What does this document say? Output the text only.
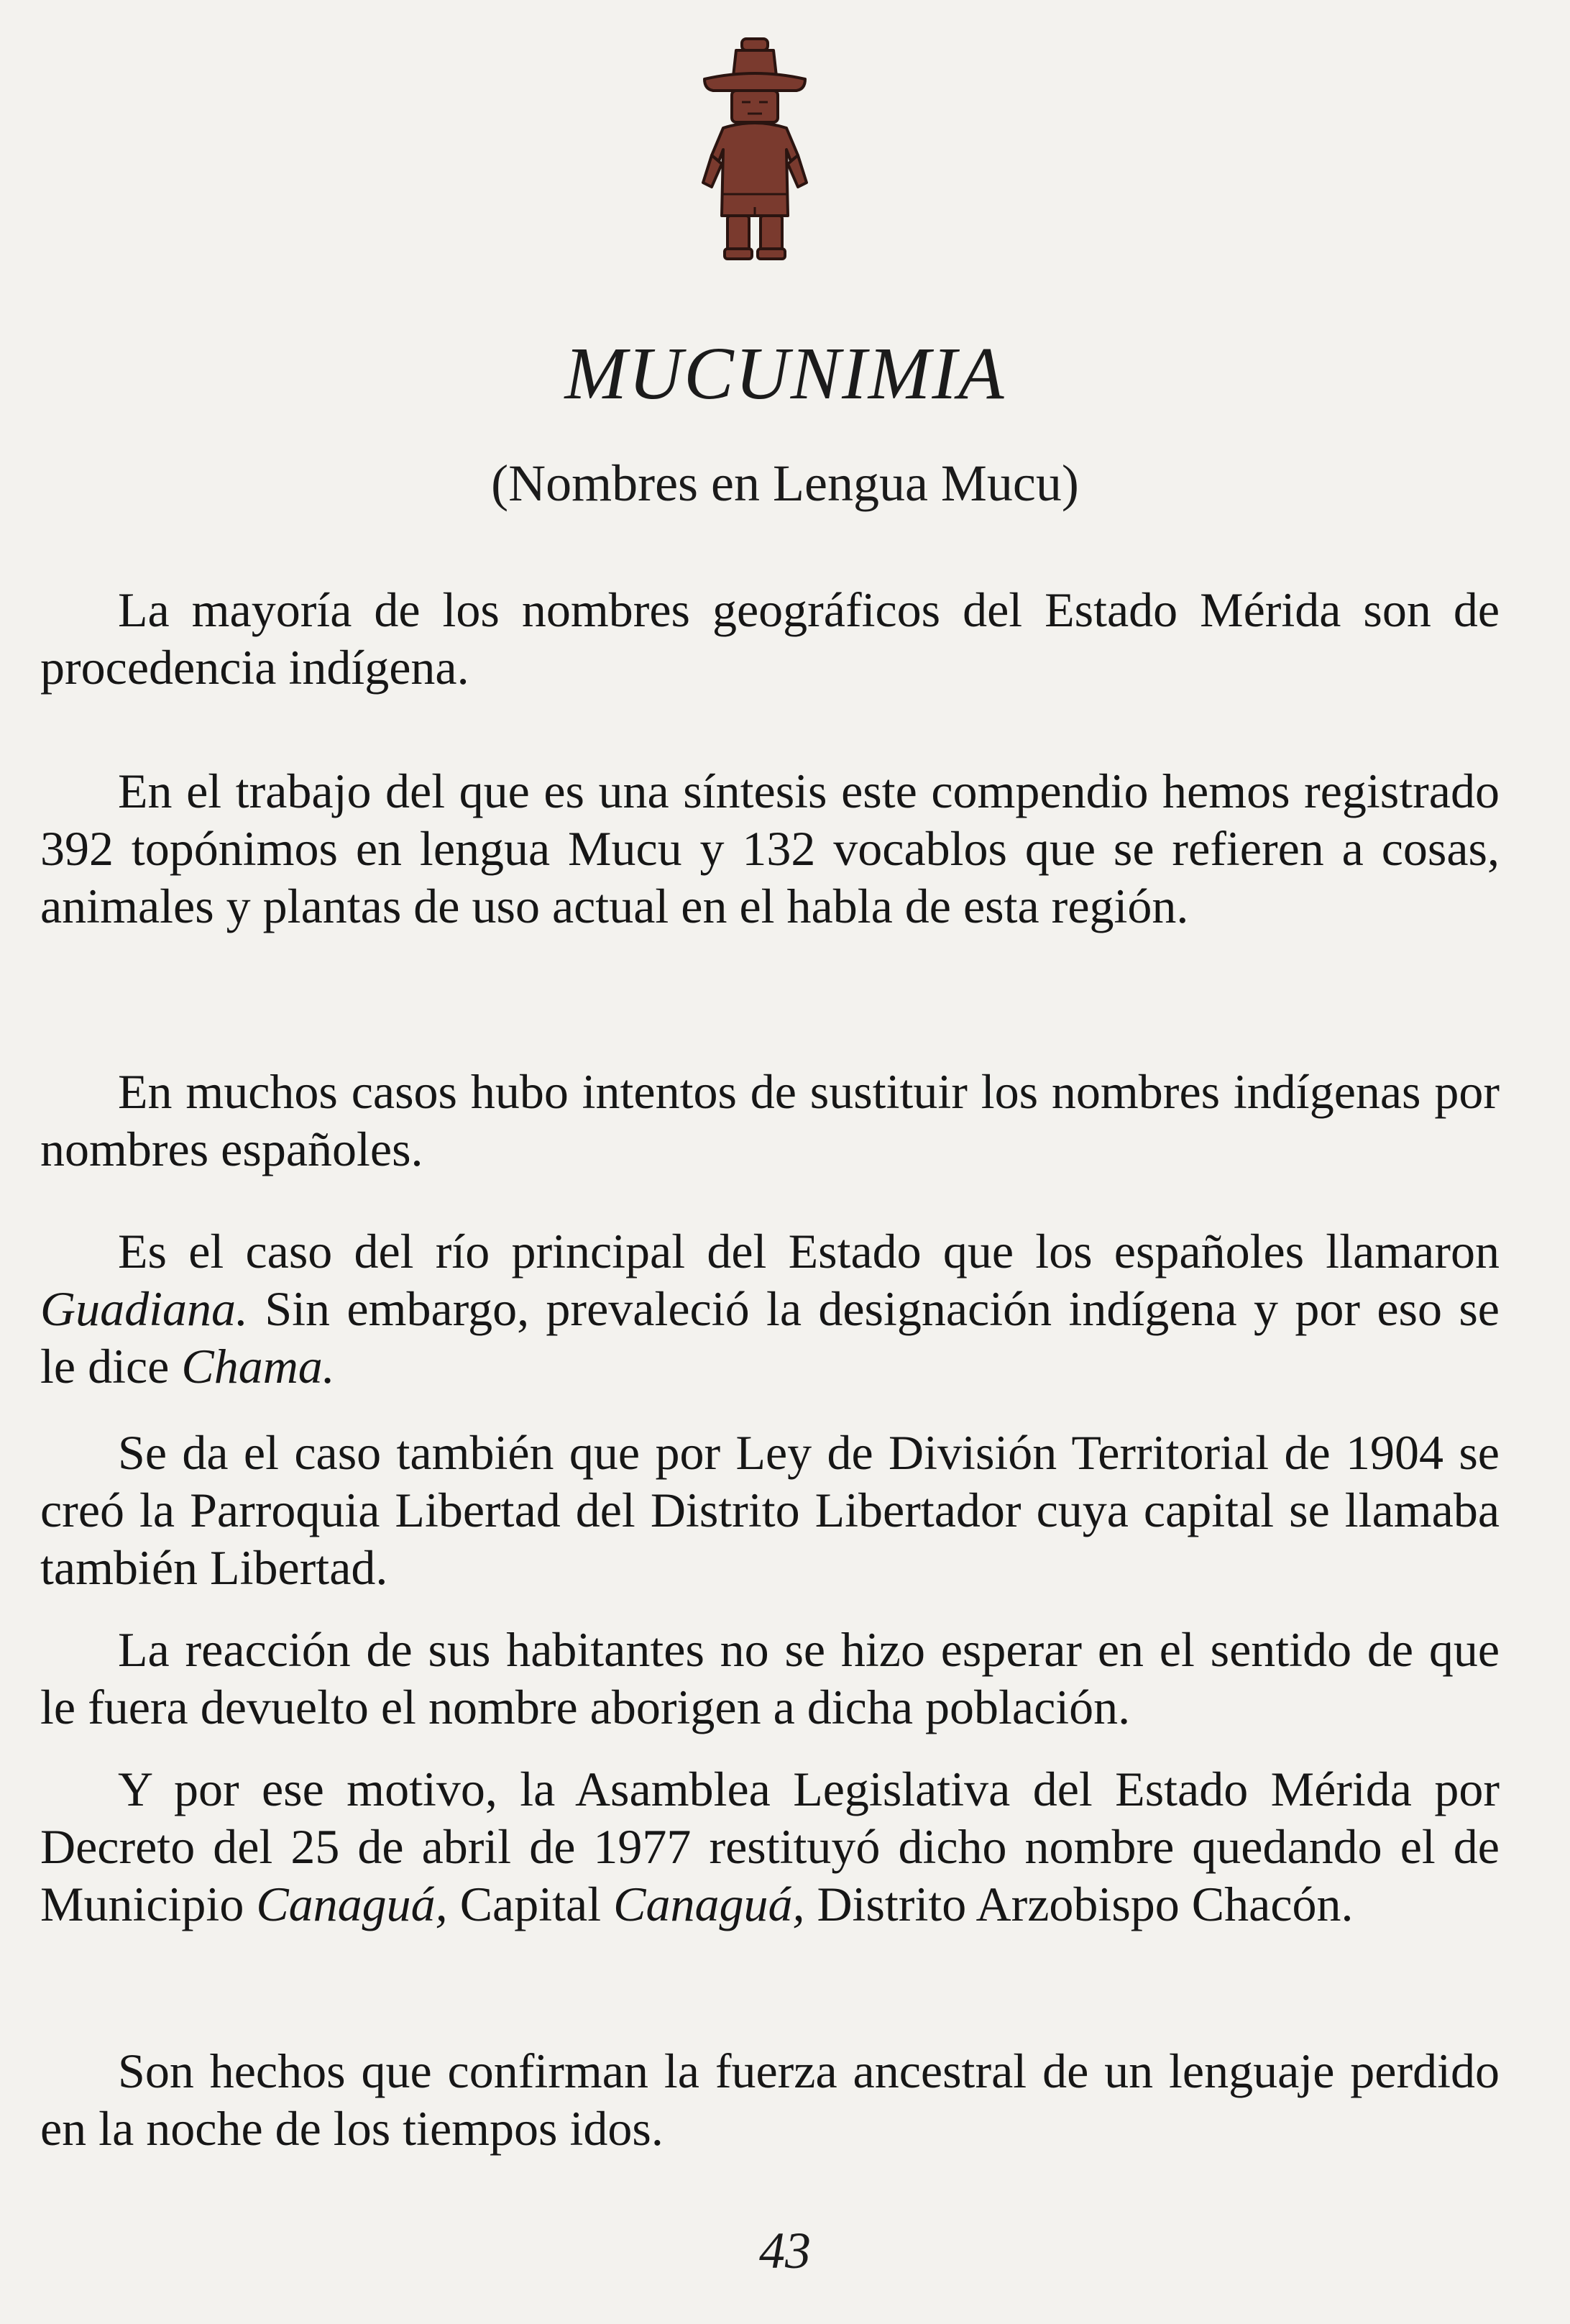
MUCUNIMIA
(Nombres en Lengua Mucu)

La mayoría de los nombres geográficos del Estado Mérida son de procedencia indígena.

En el trabajo del que es una síntesis este compendio hemos registrado 392 topónimos en lengua Mucu y 132 vocablos que se refieren a cosas, animales y plantas de uso actual en el habla de esta región.

En muchos casos hubo intentos de sustituir los nombres indígenas por nombres españoles.

Es el caso del río principal del Estado que los españoles llamaron Guadiana. Sin embargo, prevaleció la designación indígena y por eso se le dice Chama.

Se da el caso también que por Ley de División Territorial de 1904 se creó la Parroquia Libertad del Distrito Libertador cuya capital se llamaba también Libertad.

La reacción de sus habitantes no se hizo esperar en el sentido de que le fuera devuelto el nombre aborigen a dicha población.

Y por ese motivo, la Asamblea Legislativa del Estado Mérida por Decreto del 25 de abril de 1977 restituyó dicho nombre quedando el de Municipio Canaguá, Capital Canaguá, Distrito Arzobispo Chacón.

Son hechos que confirman la fuerza ancestral de un lenguaje perdido en la noche de los tiempos idos.

43
